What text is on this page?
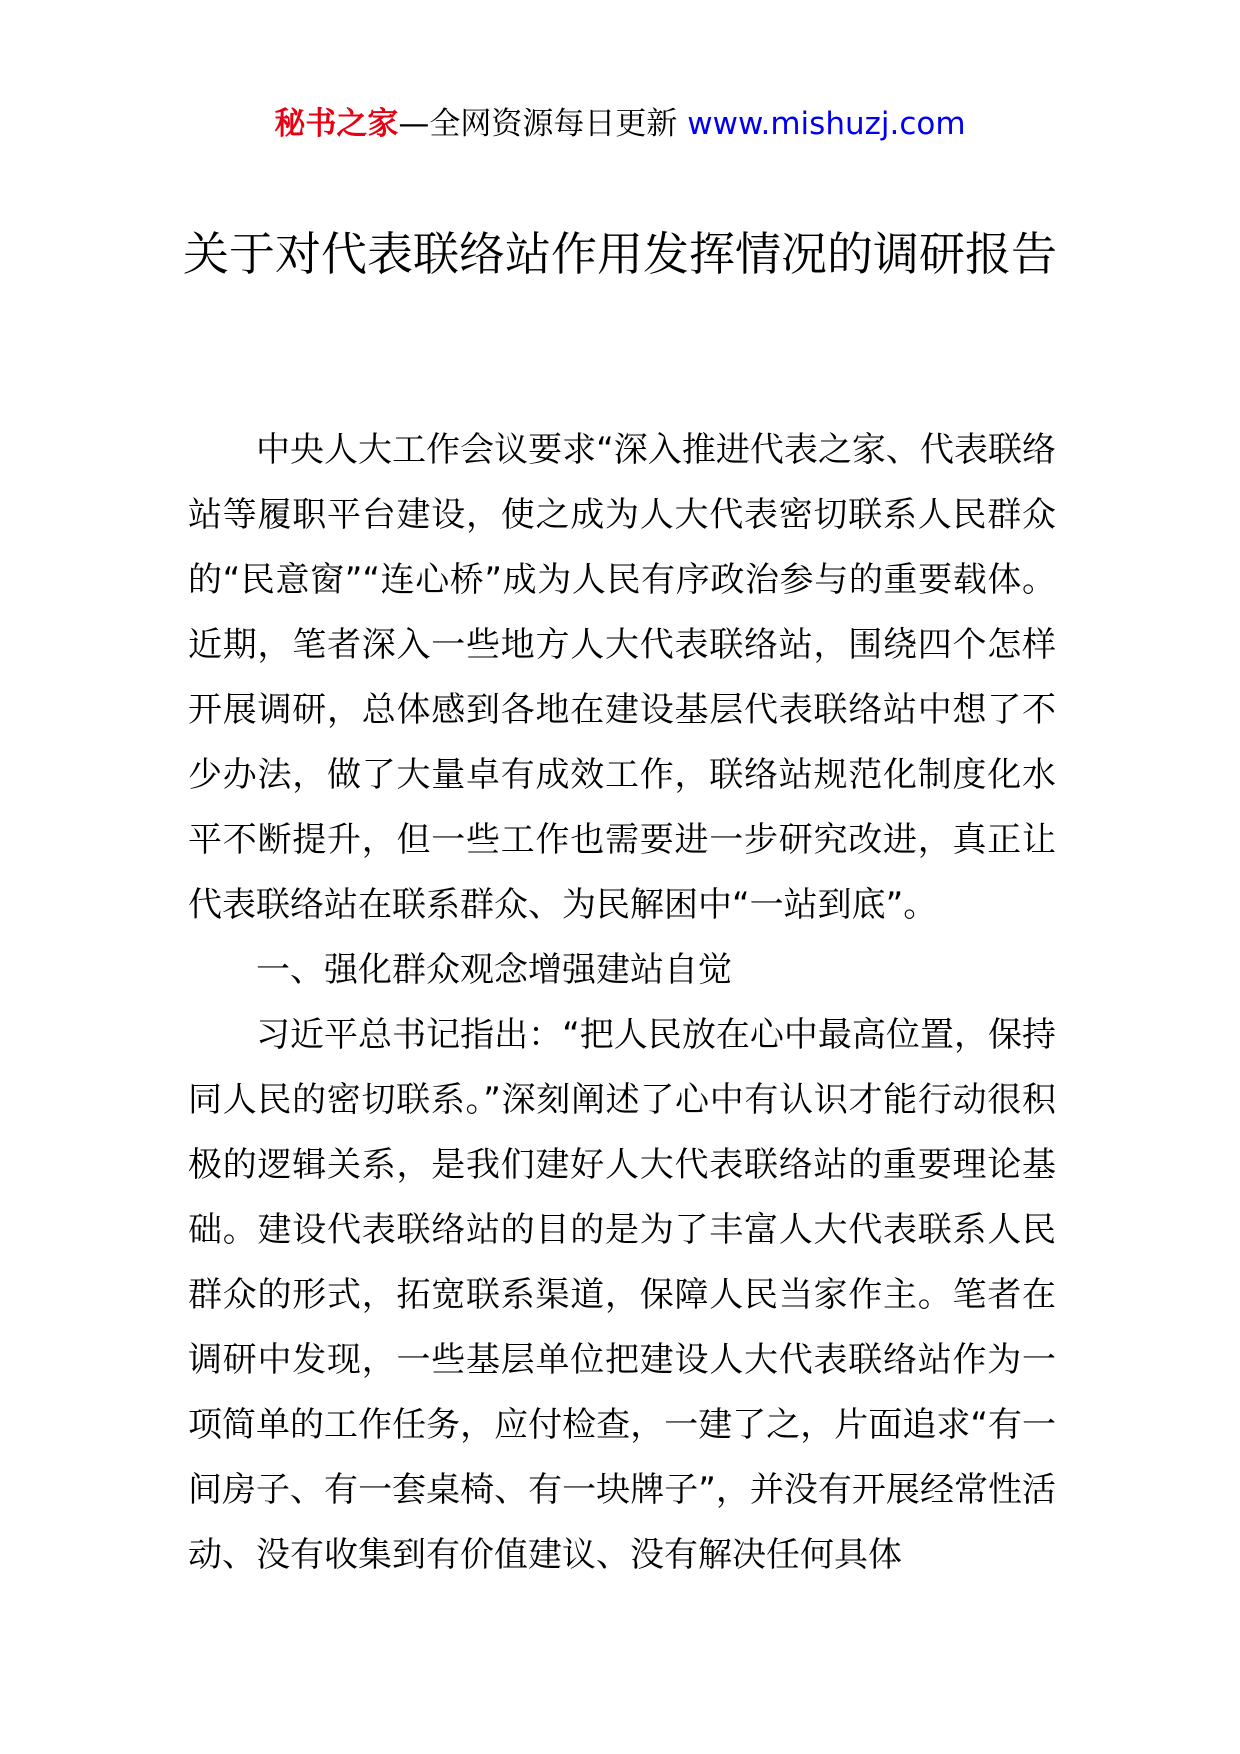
秘书之家—全网资源每日更新 www.mishuzj.com
关于对代表联络站作用发挥情况的调研报告

中央人大工作会议要求“深入推进代表之家、代表联络站等履职平台建设，使之成为人大代表密切联系人民群众的“民意窗”“连心桥”成为人民有序政治参与的重要载体。近期，笔者深入一些地方人大代表联络站，围绕四个怎样开展调研，总体感到各地在建设基层代表联络站中想了不少办法，做了大量卓有成效工作，联络站规范化制度化水平不断提升，但一些工作也需要进一步研究改进，真正让代表联络站在联系群众、为民解困中“一站到底”。

一、强化群众观念增强建站自觉

习近平总书记指出：“把人民放在心中最高位置，保持同人民的密切联系。”深刻阐述了心中有认识才能行动很积极的逻辑关系，是我们建好人大代表联络站的重要理论基础。建设代表联络站的目的是为了丰富人大代表联系人民群众的形式，拓宽联系渠道，保障人民当家作主。笔者在调研中发现，一些基层单位把建设人大代表联络站作为一项简单的工作任务，应付检查，一建了之，片面追求“有一间房子、有一套桌椅、有一块牌子”，并没有开展经常性活动、没有收集到有价值建议、没有解决任何具体
